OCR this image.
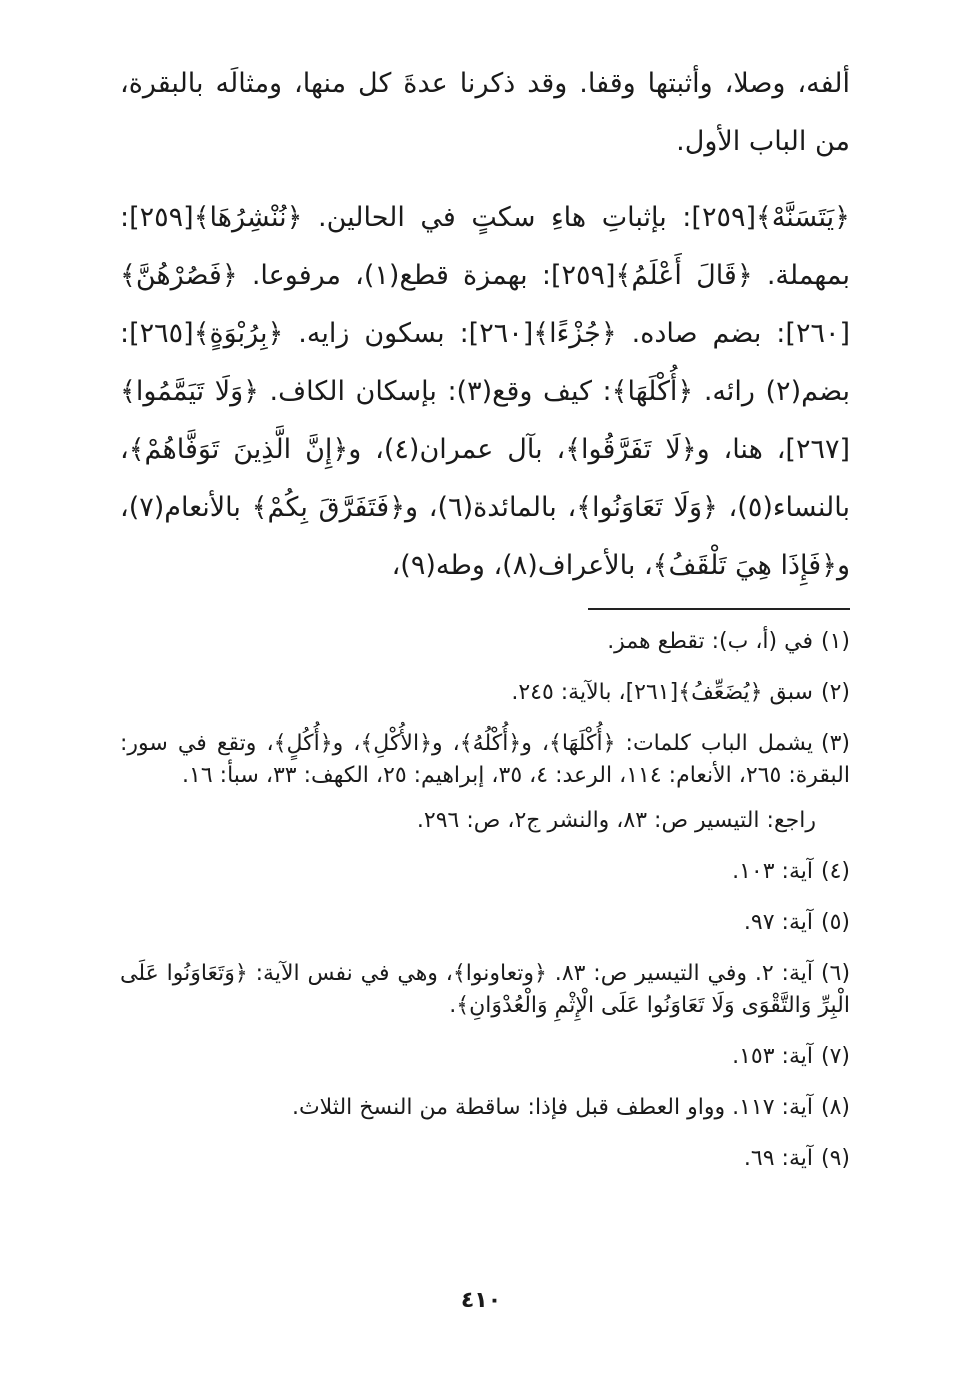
ألفه، وصلا، وأثبتها وقفا. وقد ذكرنا عدةَ كل منها، ومثالَه بالبقرة، من الباب الأول.

﴿يَتَسَنَّهْ﴾[٢٥٩]: بإثباتِ هاءِ سكتٍ في الحالين. ﴿نُنْشِرُهَا﴾[٢٥٩]: بمهملة. ﴿قَالَ أَعْلَمُ﴾[٢٥٩]: بهمزة قطع(١)، مرفوعا. ﴿فَصُرْهُنَّ﴾[٢٦٠]: بضم صاده. ﴿جُزْءًا﴾[٢٦٠]: بسكون زايه. ﴿بِرُبْوَةٍ﴾[٢٦٥]: بضم(٢) رائه. ﴿أُكْلَهَا﴾: كيف وقع(٣): بإسكان الكاف. ﴿وَلَا تَيَمَّمُوا﴾[٢٦٧]، هنا، و﴿لَا تَفَرَّقُوا﴾، بآل عمران(٤)، و﴿إِنَّ الَّذِينَ تَوَفَّاهُمْ﴾، بالنساء(٥)، ﴿وَلَا تَعَاوَنُوا﴾، بالمائدة(٦)، و﴿فَتَفَرَّقَ بِكُمْ﴾ بالأنعام(٧)، و﴿فَإِذَا هِيَ تَلْقَفُ﴾، بالأعراف(٨)، وطه(٩)،

(١)في (أ، ب): تقطع همز.
(٢)سبق ﴿يُضَعِّفُ﴾[٢٦١]، بالآية: ٢٤٥.
(٣)يشمل الباب كلمات: ﴿أُكْلَهَا﴾، و﴿أُكْلُهُ﴾، و﴿الأُكْلِ﴾، و﴿أُكُلٍ﴾، وتقع في سور: البقرة: ٢٦٥، الأنعام: ١١٤، الرعد: ٤، ٣٥، إبراهيم: ٢٥، الكهف: ٣٣، سبأ: ١٦.
راجع: التيسير ص: ٨٣، والنشر ج٢، ص: ٢٩٦.
(٤)آية: ١٠٣.
(٥)آية: ٩٧.
(٦)آية: ٢. وفي التيسير ص: ٨٣. ﴿وتعاونوا﴾، وهي في نفس الآية: ﴿وَتَعَاوَنُوا عَلَى الْبِرِّ وَالتَّقْوَى وَلَا تَعَاوَنُوا عَلَى الْإِثْمِ وَالْعُدْوَانِ﴾.
(٧)آية: ١٥٣.
(٨)آية: ١١٧. وواو العطف قبل فإذا: ساقطة من النسخ الثلاث.
(٩)آية: ٦٩.
٤١٠
